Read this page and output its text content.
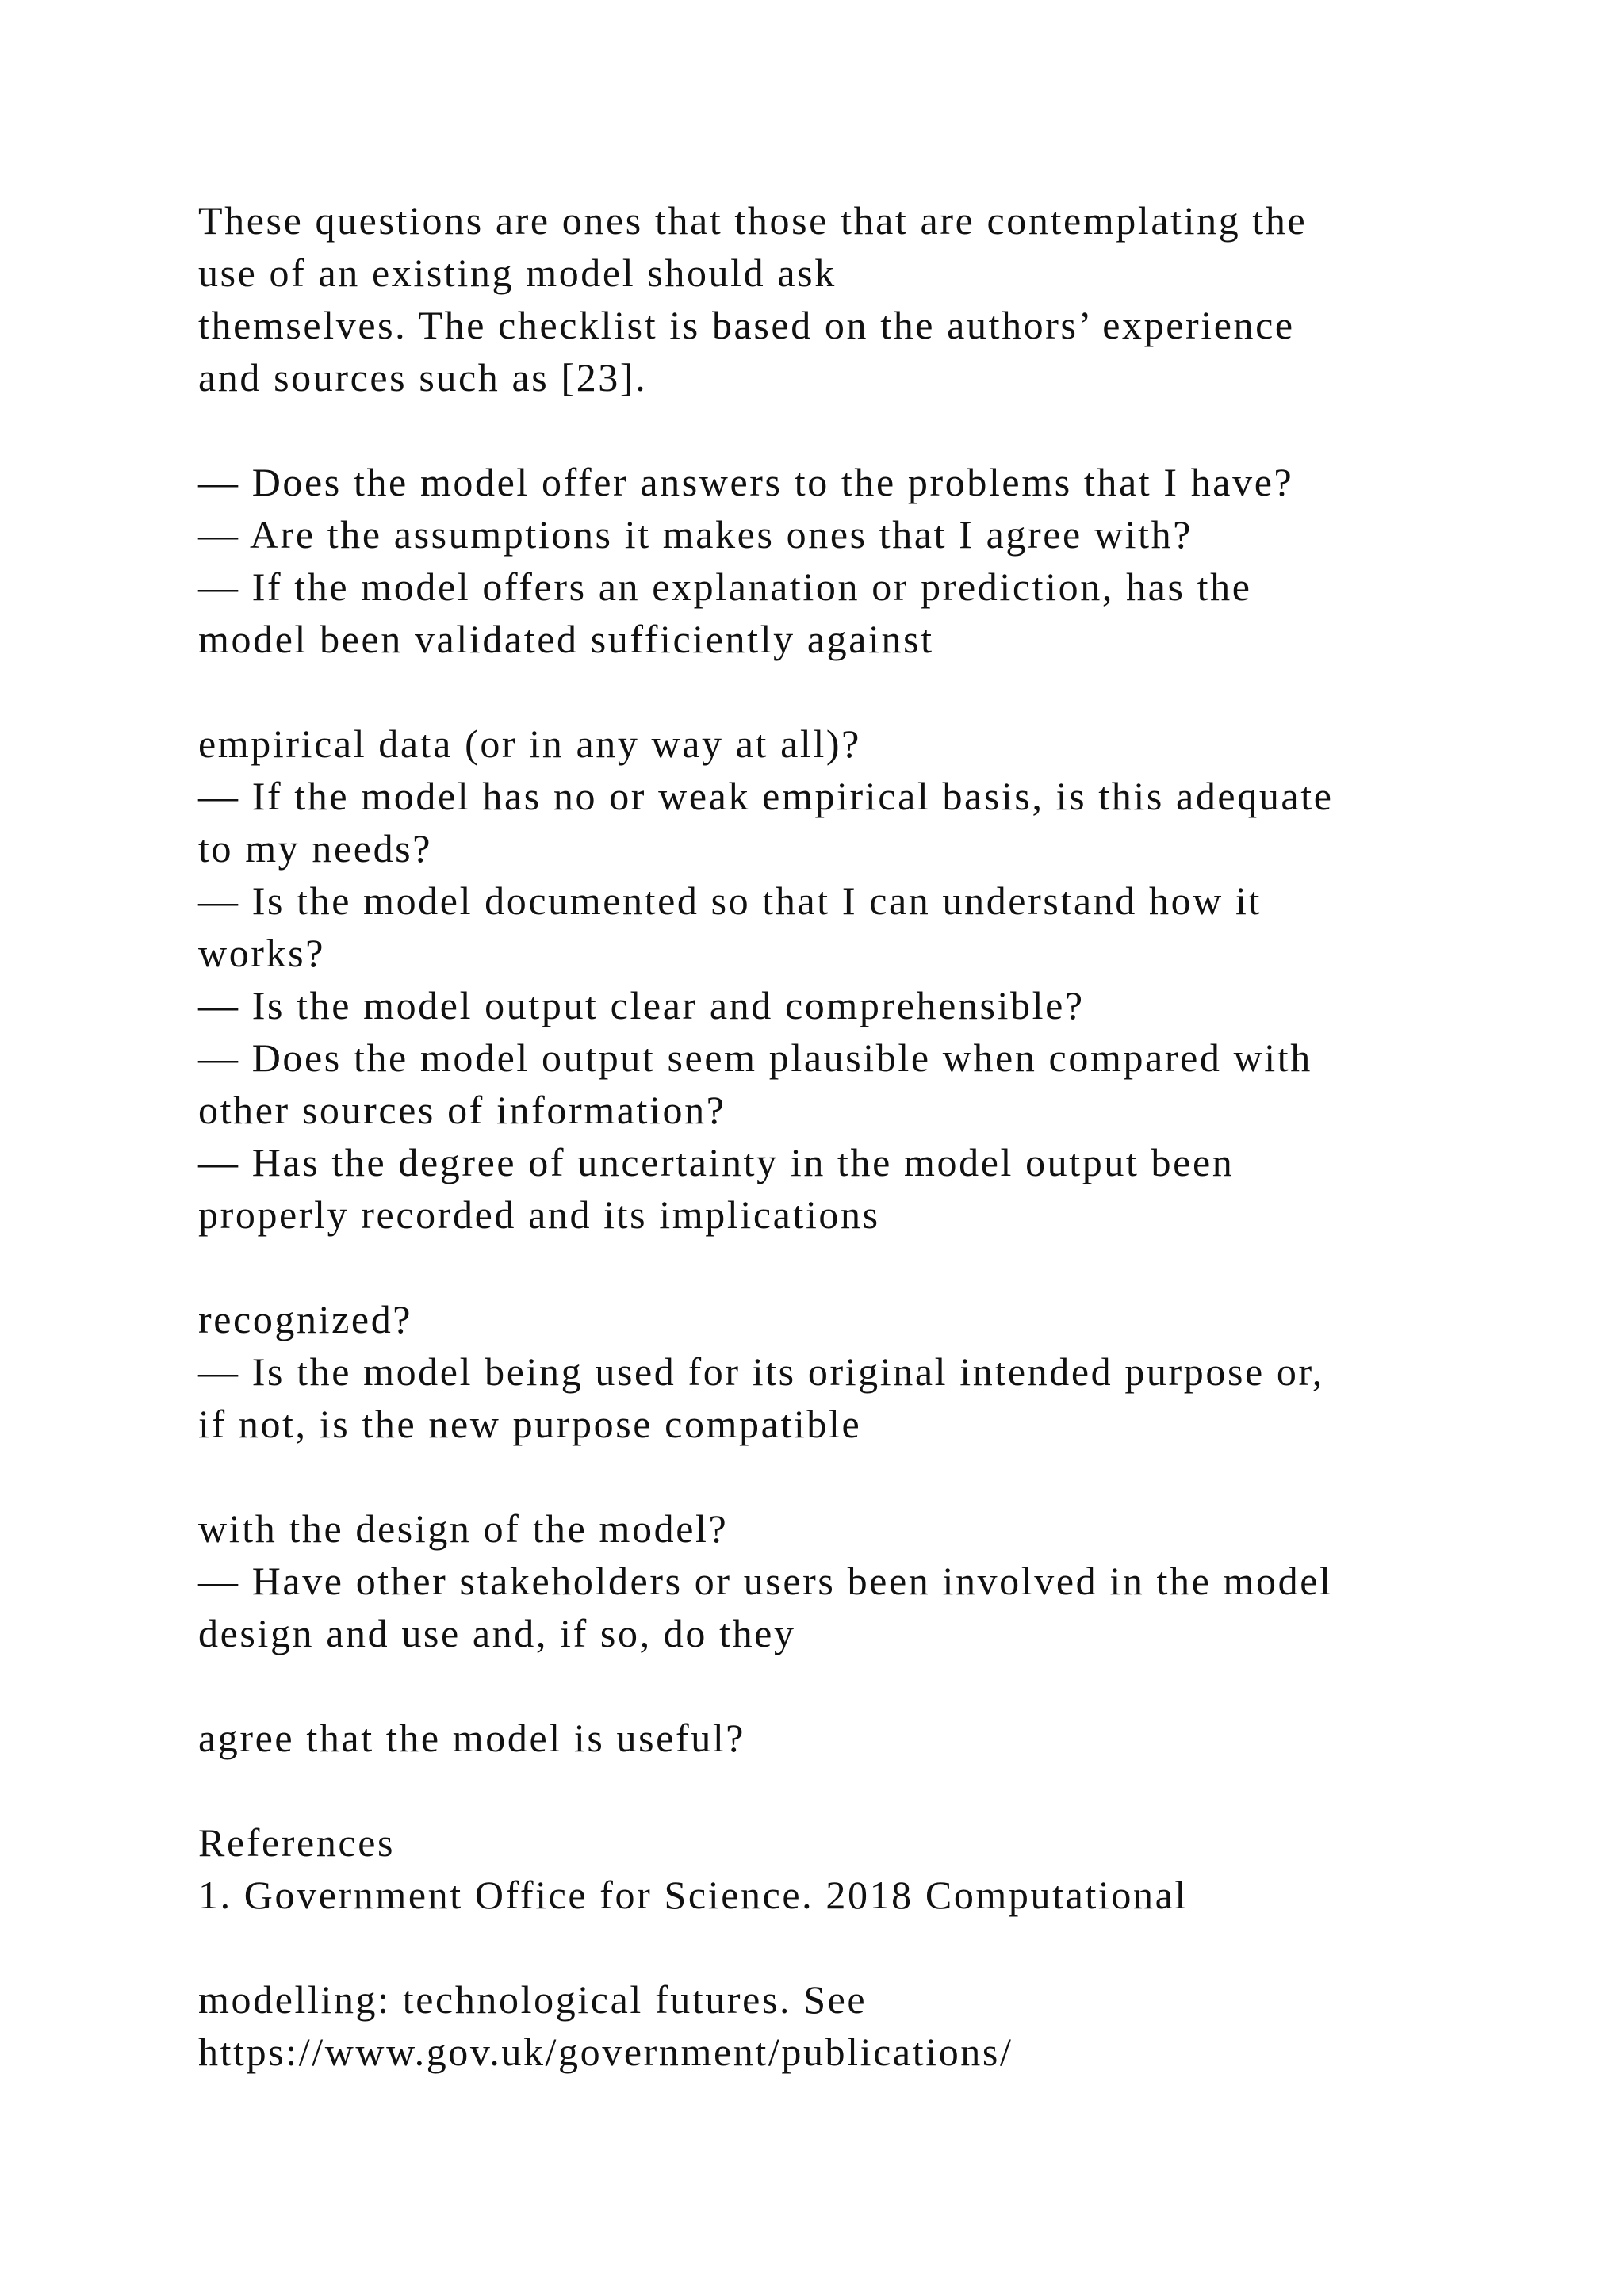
These questions are ones that those that are contemplating the
use of an existing model should ask
themselves. The checklist is based on the authors’ experience
and sources such as [23].
— Does the model offer answers to the problems that I have?
— Are the assumptions it makes ones that I agree with?
— If the model offers an explanation or prediction, has the
model been validated sufficiently against
empirical data (or in any way at all)?
— If the model has no or weak empirical basis, is this adequate
to my needs?
— Is the model documented so that I can understand how it
works?
— Is the model output clear and comprehensible?
— Does the model output seem plausible when compared with
other sources of information?
— Has the degree of uncertainty in the model output been
properly recorded and its implications
recognized?
— Is the model being used for its original intended purpose or,
if not, is the new purpose compatible
with the design of the model?
— Have other stakeholders or users been involved in the model
design and use and, if so, do they
agree that the model is useful?
References
1. Government Office for Science. 2018 Computational
modelling: technological futures. See
https://www.gov.uk/government/publications/
